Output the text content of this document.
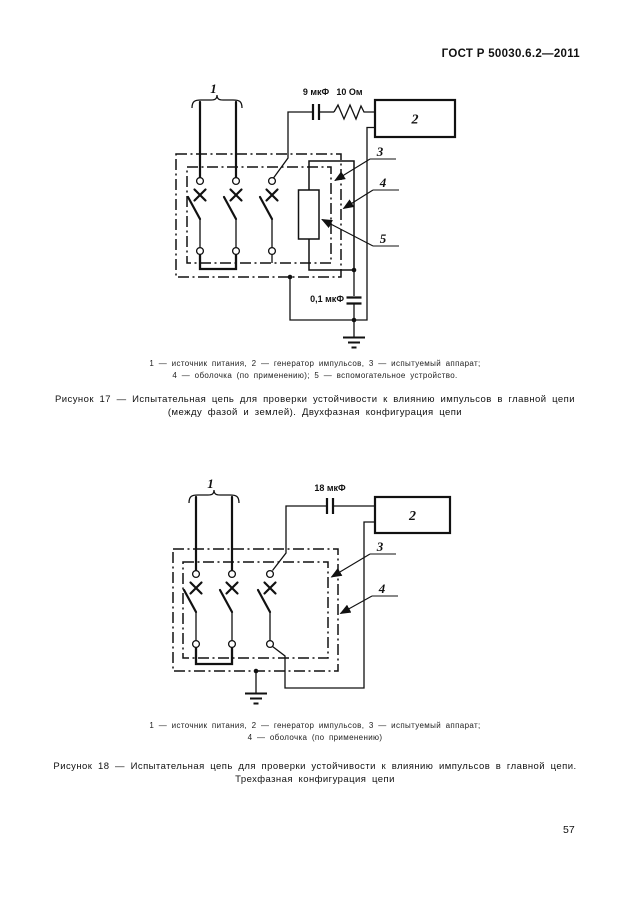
ГОСТ Р 50030.6.2—2011
1	9 мкФ 10 Ом
2
0,1 мкФ
3
4
5
1 — источник питания, 2 — генератор импульсов, 3 — испытуемый аппарат;
4 — оболочка (по применению); 5 — вспомогательное устройство.
Рисунок 17 — Испытательная цепь для проверки устойчивости к влиянию импульсов в главной цепи
(между фазой и землей). Двухфазная конфигурация цепи
1	18 мкФ
2
3
4
1 — источник питания, 2 — генератор импульсов, 3 — испытуемый аппарат;
4 — оболочка (по применению)
Рисунок 18 — Испытательная цепь для проверки устойчивости к влиянию импульсов в главной цепи.
Трехфазная конфигурация цепи
57
